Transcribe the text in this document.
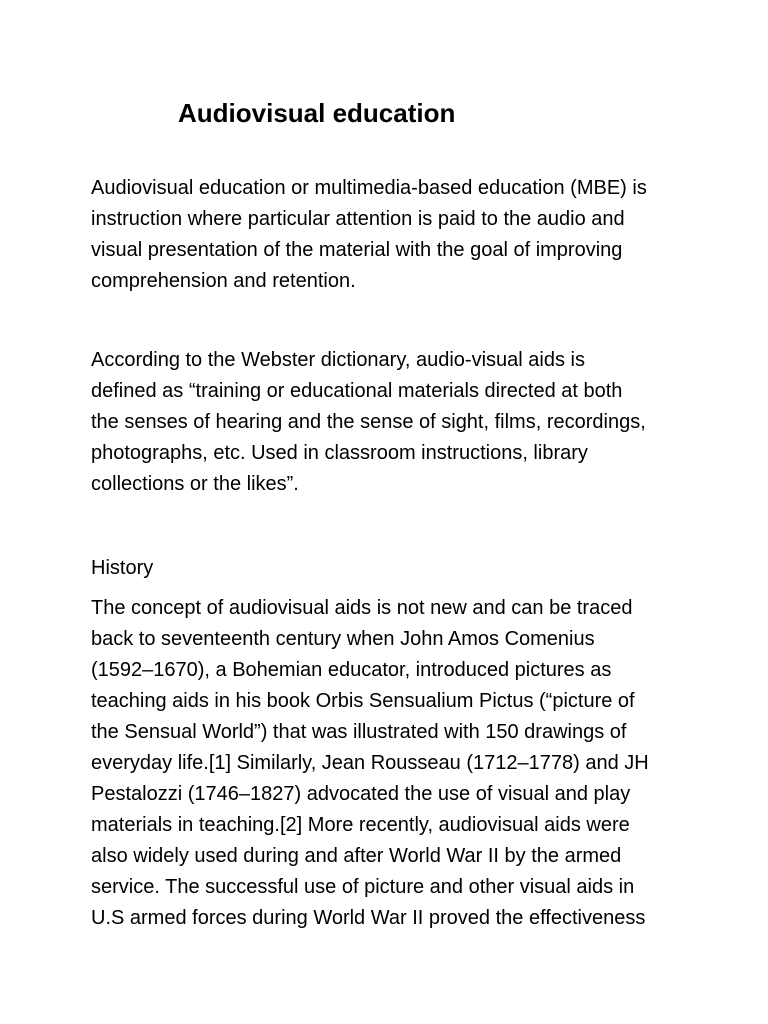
Audiovisual education

Audiovisual education or multimedia-based education (MBE) is
instruction where particular attention is paid to the audio and
visual presentation of the material with the goal of improving
comprehension and retention.

According to the Webster dictionary, audio-visual aids is
defined as “training or educational materials directed at both
the senses of hearing and the sense of sight, films, recordings,
photographs, etc. Used in classroom instructions, library
collections or the likes”.

History

The concept of audiovisual aids is not new and can be traced
back to seventeenth century when John Amos Comenius
(1592–1670), a Bohemian educator, introduced pictures as
teaching aids in his book Orbis Sensualium Pictus (“picture of
the Sensual World”) that was illustrated with 150 drawings of
everyday life.[1] Similarly, Jean Rousseau (1712–1778) and JH
Pestalozzi (1746–1827) advocated the use of visual and play
materials in teaching.[2] More recently, audiovisual aids were
also widely used during and after World War II by the armed
service. The successful use of picture and other visual aids in
U.S armed forces during World War II proved the effectiveness
